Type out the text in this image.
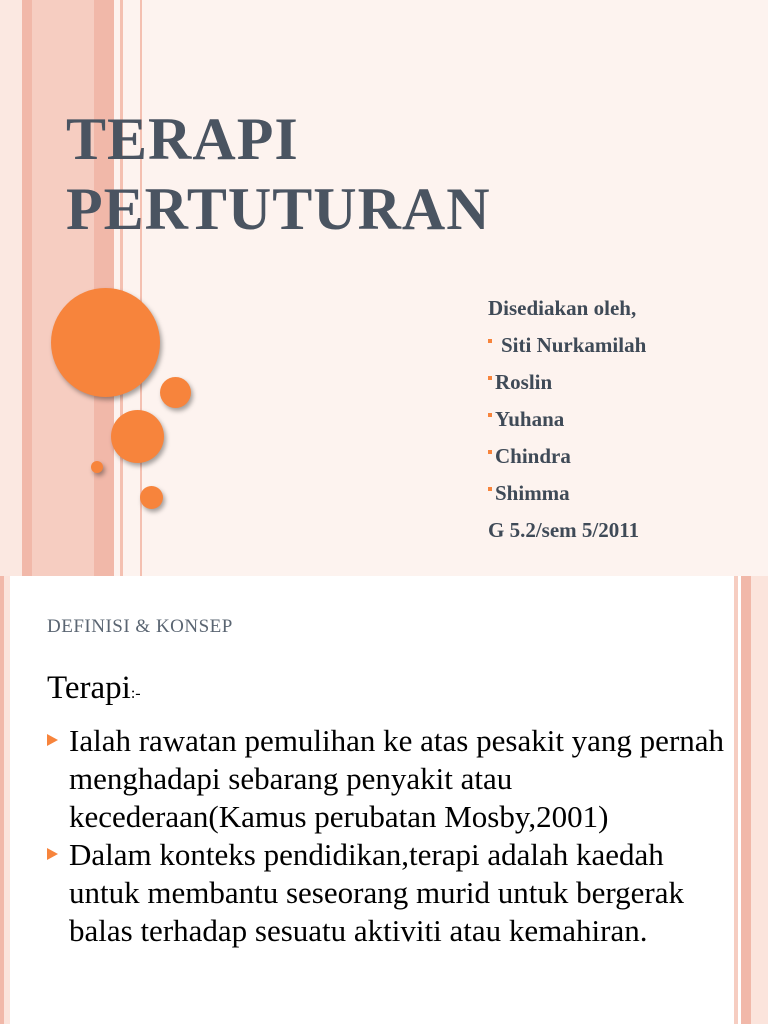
TERAPI
PERTUTURAN
Disediakan oleh,
Siti Nurkamilah
Roslin
Yuhana
Chindra
Shimma
G 5.2/sem 5/2011
DEFINISI & KONSEP
Terapi:-
Ialah rawatan pemulihan ke atas pesakit yang pernah menghadapi sebarang penyakit atau kecederaan(Kamus perubatan Mosby,2001)
Dalam konteks pendidikan,terapi adalah kaedah untuk membantu seseorang murid untuk bergerak balas terhadap sesuatu aktiviti atau kemahiran.
